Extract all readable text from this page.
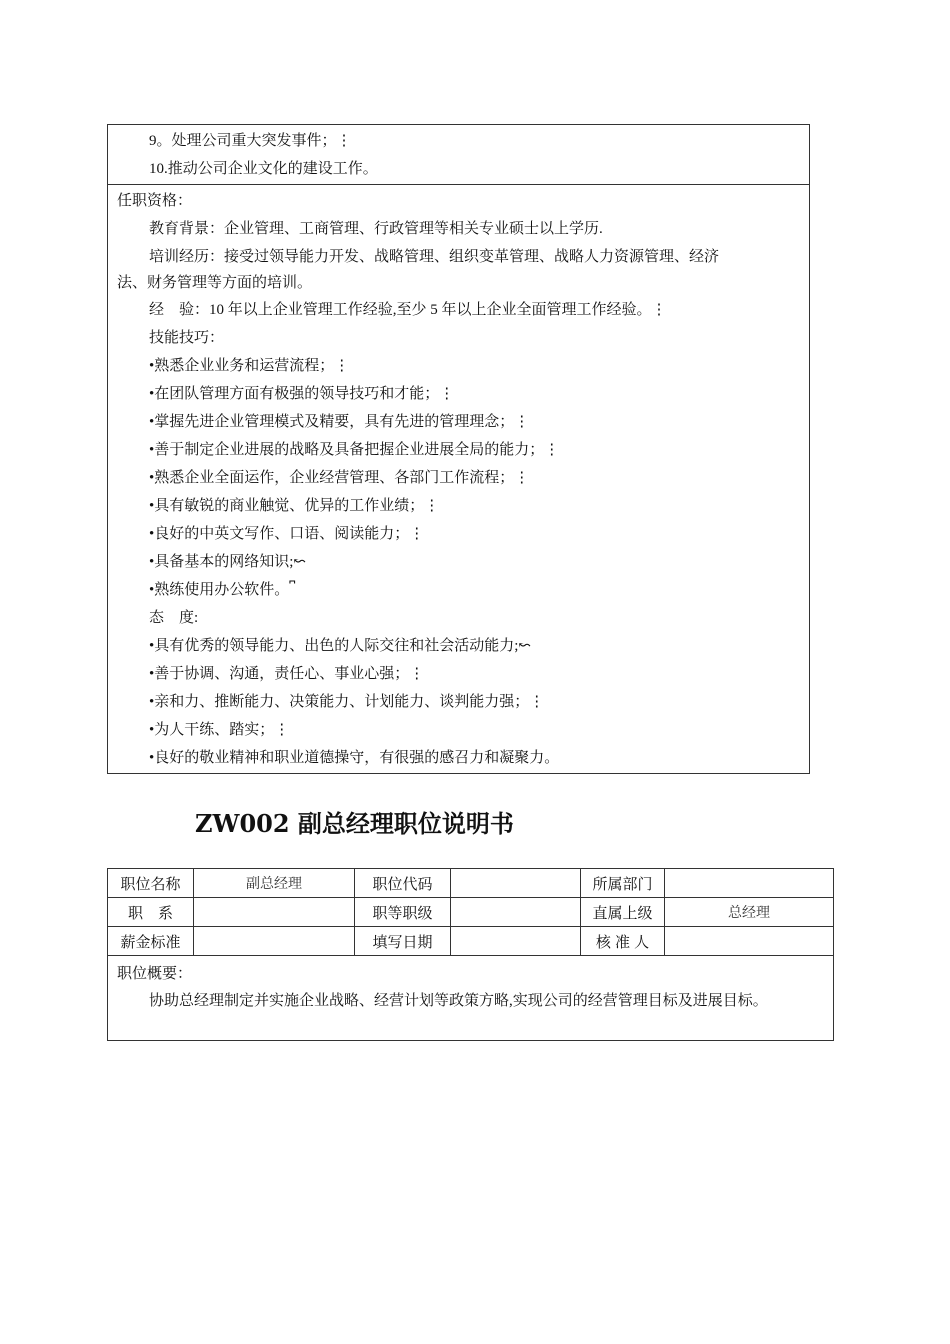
9。处理公司重大突发事件；⋮
10.推动公司企业文化的建设工作。
任职资格：
教育背景：企业管理、工商管理、行政管理等相关专业硕士以上学历.
培训经历：接受过领导能力开发、战略管理、组织变革管理、战略人力资源管理、经济
法、财务管理等方面的培训。
经　验：10 年以上企业管理工作经验,至少 5 年以上企业全面管理工作经验。⋮
技能技巧：
•熟悉企业业务和运营流程；⋮
•在团队管理方面有极强的领导技巧和才能；⋮
•掌握先进企业管理模式及精要，具有先进的管理理念；⋮
•善于制定企业进展的战略及具备把握企业进展全局的能力；⋮
•熟悉企业全面运作，企业经营管理、各部门工作流程；⋮
•具有敏锐的商业触觉、优异的工作业绩；⋮
•良好的中英文写作、口语、阅读能力；⋮
•具备基本的网络知识;↜
•熟练使用办公软件。⎴
态　度:
•具有优秀的领导能力、出色的人际交往和社会活动能力;↜
•善于协调、沟通，责任心、事业心强；⋮
•亲和力、推断能力、决策能力、计划能力、谈判能力强；⋮
•为人干练、踏实；⋮
•良好的敬业精神和职业道德操守，有很强的感召力和凝聚力。
ZW002 副总经理职位说明书
职位名称	副总经理	职位代码		所属部门	
职　系		职等职级		直属上级	总经理
薪金标准		填写日期		核 准 人	

职位概要：
协助总经理制定并实施企业战略、经营计划等政策方略,实现公司的经营管理目标及进展目标。					
